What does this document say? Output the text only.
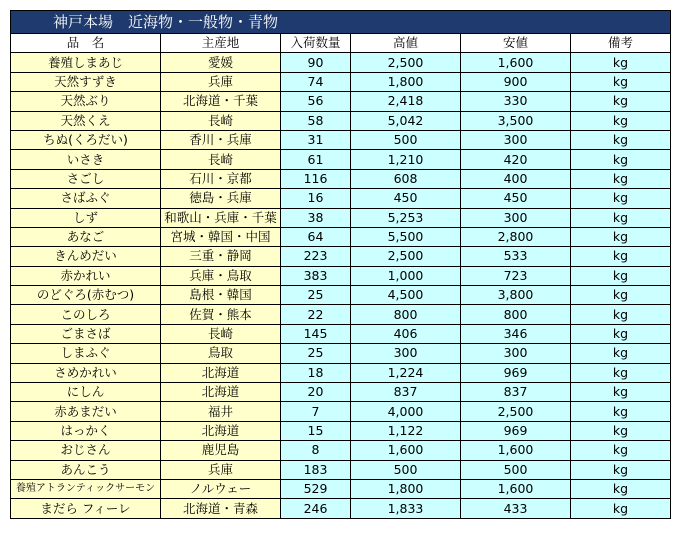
神戸本場　近海物・一般物・青物					
品　名	主産地	入荷数量	高値	安値	備考
養殖しまあじ	愛媛	90	2,500	1,600	kg
天然すずき	兵庫	74	1,800	900	kg
天然ぶり	北海道・千葉	56	2,418	330	kg
天然くえ	長崎	58	5,042	3,500	kg
ちぬ(くろだい)	香川・兵庫	31	500	300	kg
いさき	長崎	61	1,210	420	kg
さごし	石川・京都	116	608	400	kg
さばふぐ	徳島・兵庫	16	450	450	kg
しず	和歌山・兵庫・千葉	38	5,253	300	kg
あなご	宮城・韓国・中国	64	5,500	2,800	kg
きんめだい	三重・静岡	223	2,500	533	kg
赤かれい	兵庫・鳥取	383	1,000	723	kg
のどぐろ(赤むつ)	島根・韓国	25	4,500	3,800	kg
このしろ	佐賀・熊本	22	800	800	kg
ごまさば	長崎	145	406	346	kg
しまふぐ	鳥取	25	300	300	kg
さめかれい	北海道	18	1,224	969	kg
にしん	北海道	20	837	837	kg
赤あまだい	福井	7	4,000	2,500	kg
はっかく	北海道	15	1,122	969	kg
おじさん	鹿児島	8	1,600	1,600	kg
あんこう	兵庫	183	500	500	kg
養殖アトランティックサーモン	ノルウェー	529	1,800	1,600	kg
まだら フィーレ	北海道・青森	246	1,833	433	kg
